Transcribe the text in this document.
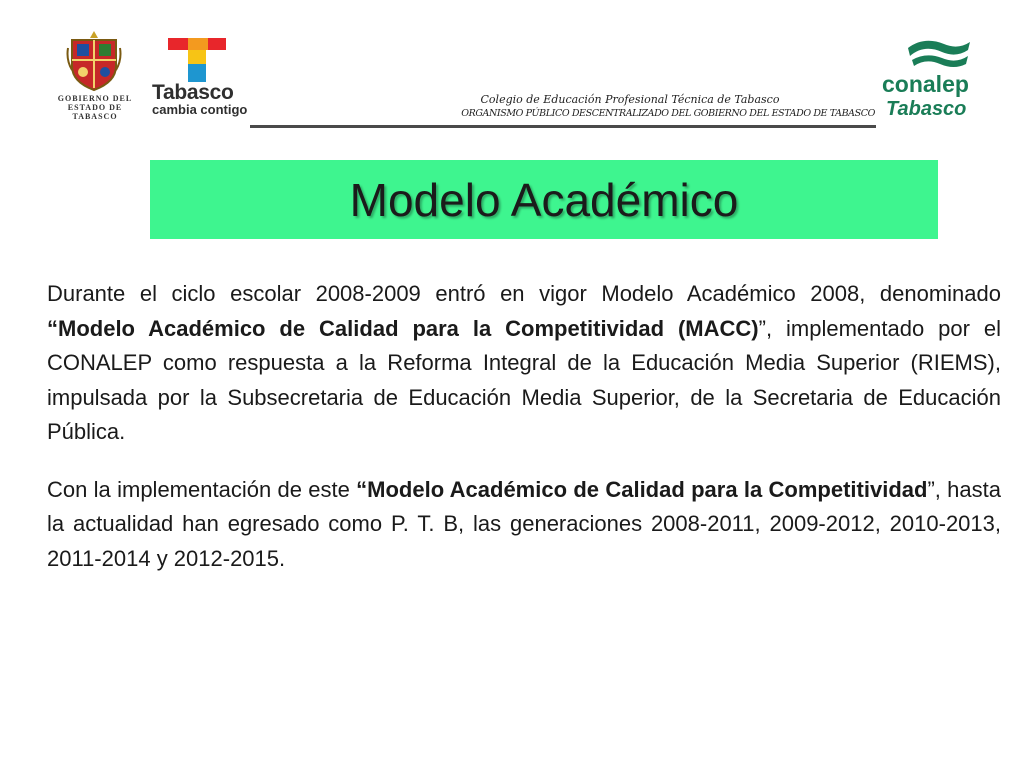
GOBIERNO DEL
ESTADO DE
TABASCO
Tabasco
cambia contigo
Colegio de Educación Profesional Técnica de Tabasco
ORGANISMO PÚBLICO DESCENTRALIZADO DEL GOBIERNO DEL ESTADO DE TABASCO
conalep
Tabasco
Modelo Académico

Durante el ciclo escolar 2008-2009 entró en vigor Modelo Académico 2008, denominado “Modelo Académico de Calidad para la Competitividad (MACC)”, implementado por el CONALEP como respuesta a la Reforma Integral de la Educación Media Superior (RIEMS), impulsada por la Subsecretaria de Educación Media Superior, de la Secretaria de Educación Pública.

Con la implementación de este “Modelo Académico de Calidad para la Competitividad”, hasta la actualidad han egresado como P. T. B, las generaciones 2008-2011, 2009-2012, 2010-2013, 2011-2014 y 2012-2015.
